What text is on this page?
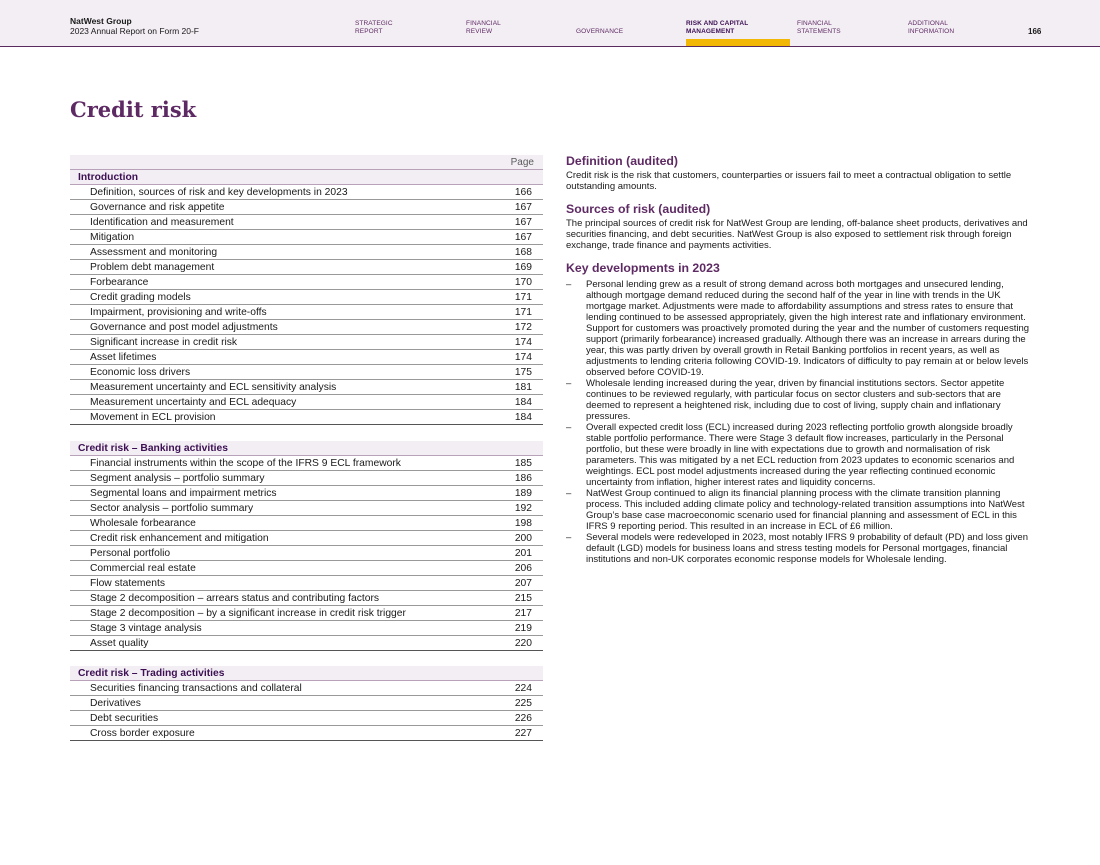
NatWest Group
2023 Annual Report on Form 20-F
STRATEGIC
REPORT
FINANCIAL
REVIEW
	GOVERNANCE
RISK AND CAPITAL
MANAGEMENT
FINANCIAL
STATEMENTS
ADDITIONAL
INFORMATION	166
Credit risk
Page
Introduction
Definition, sources of risk and key developments in 2023	166
Governance and risk appetite	167
Identification and measurement	167
Mitigation	167
Assessment and monitoring	168
Problem debt management	169
Forbearance	170
Credit grading models	171
Impairment, provisioning and write-offs	171
Governance and post model adjustments	172
Significant increase in credit risk	174
Asset lifetimes	174
Economic loss drivers	175
Measurement uncertainty and ECL sensitivity analysis	181
Measurement uncertainty and ECL adequacy	184
Movement in ECL provision	184
Credit risk – Banking activities
Financial instruments within the scope of the IFRS 9 ECL framework	185
Segment analysis – portfolio summary	186
Segmental loans and impairment metrics	189
Sector analysis – portfolio summary	192
Wholesale forbearance	198
Credit risk enhancement and mitigation	200
Personal portfolio	201
Commercial real estate	206
Flow statements	207
Stage 2 decomposition – arrears status and contributing factors	215
Stage 2 decomposition – by a significant increase in credit risk trigger	217
Stage 3 vintage analysis	219
Asset quality	220
Credit risk – Trading activities
Securities financing transactions and collateral	224
Derivatives	225
Debt securities	226
Cross border exposure	227
Definition (audited)

Credit risk is the risk that customers, counterparties or issuers fail to meet a contractual obligation to settle outstanding amounts.

Sources of risk (audited)

The principal sources of credit risk for NatWest Group are lending, off-balance sheet products, derivatives and securities financing, and debt securities. NatWest Group is also exposed to settlement risk through foreign exchange, trade finance and payments activities.

Key developments in 2023
– Personal lending grew as a result of strong demand across both mortgages and unsecured lending, although mortgage demand reduced during the second half of the year in line with trends in the UK mortgage market. Adjustments were made to affordability assumptions and stress rates to ensure that lending continued to be assessed appropriately, given the high interest rate and inflationary environment. Support for customers was proactively promoted during the year and the number of customers requesting support (primarily forbearance) increased gradually. Although there was an increase in arrears during the year, this was partly driven by overall growth in Retail Banking portfolios in recent years, as well as adjustments to lending criteria following COVID-19. Indicators of difficulty to pay remain at or below levels observed before COVID-19.
– Wholesale lending increased during the year, driven by financial institutions sectors. Sector appetite continues to be reviewed regularly, with particular focus on sector clusters and sub-sectors that are deemed to represent a heightened risk, including due to cost of living, supply chain and inflationary pressures.
– Overall expected credit loss (ECL) increased during 2023 reflecting portfolio growth alongside broadly stable portfolio performance. There were Stage 3 default flow increases, particularly in the Personal portfolio, but these were broadly in line with expectations due to growth and normalisation of risk parameters. This was mitigated by a net ECL reduction from 2023 updates to economic scenarios and weightings. ECL post model adjustments increased during the year reflecting continued economic uncertainty from inflation, higher interest rates and liquidity concerns.
– NatWest Group continued to align its financial planning process with the climate transition planning process. This included adding climate policy and technology-related transition assumptions into NatWest Group’s base case macroeconomic scenario used for financial planning and assessment of ECL in this IFRS 9 reporting period. This resulted in an increase in ECL of £6 million.
– Several models were redeveloped in 2023, most notably IFRS 9 probability of default (PD) and loss given default (LGD) models for business loans and stress testing models for Personal mortgages, financial institutions and non-UK corporates economic response models for Wholesale lending.
